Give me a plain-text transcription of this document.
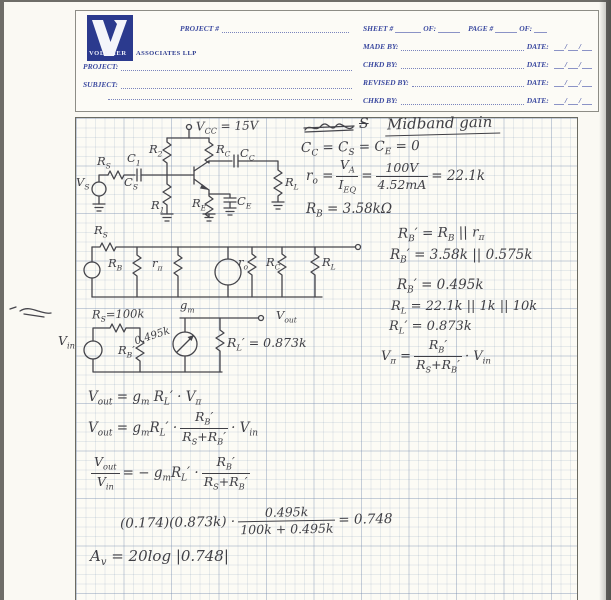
VOLLMER ASSOCIATES LLP
PROJECT #	SHEET #	OF:	PAGE #	OF:
MADE BY:	DATE: / /
PROJECT:	CHKD BY:	DATE: / /
SUBJECT:	REVISED BY:	DATE: / /
CHKD BY:	DATE: / /
$V_{CC} = 15V$
$R_2$	$R_C$ $C_C$
$R_S$
$C_1$
$C_S$
$V_S$
$R_1$ $R_E$	$C_E$
$R_L$
$R_S$
$R_B$	$r_\pi$	$r_o$ $R_C$	$R_L$
$R_S=100k$
$g_m$	$V_{out}$
$R_B'$
0.495k	$R_L' = 0.873k$
$V_{in}$
S Midband gain
$C_C = C_S = C_E = 0$
$r_o = \frac{V_A}{I_{EQ}} = \frac{100V}{4.52mA} = 22.1k$
$R_B = 3.58k\Omega$
$R_B' = R_B$ || $r_\pi$
$R_B' = 3.58k$ || 0.575k
$R_B' = 0.495k$
$R_L = 22.1k$ || 1k || 10k
$R_L' = 0.873k$
$V_\pi = \frac{R_B'}{R_S+R_B'} \cdot V_{in}$
$V_{out} = g_m$ $R_L' \cdot V_\pi$
$V_{out} = g_mR_L' \cdot \frac{R_B'}{R_S+R_B'} \cdot V_{in}$
$\frac{V_{out}}{V_{in}}$ = − $g_mR_L' \cdot \frac{R_B'}{R_S+R_B'}$
$(0.174)(0.873k) \cdot \frac{0.495k}{100k + 0.495k} = 0.748$
$A_v = 20\log$ |0.748|
